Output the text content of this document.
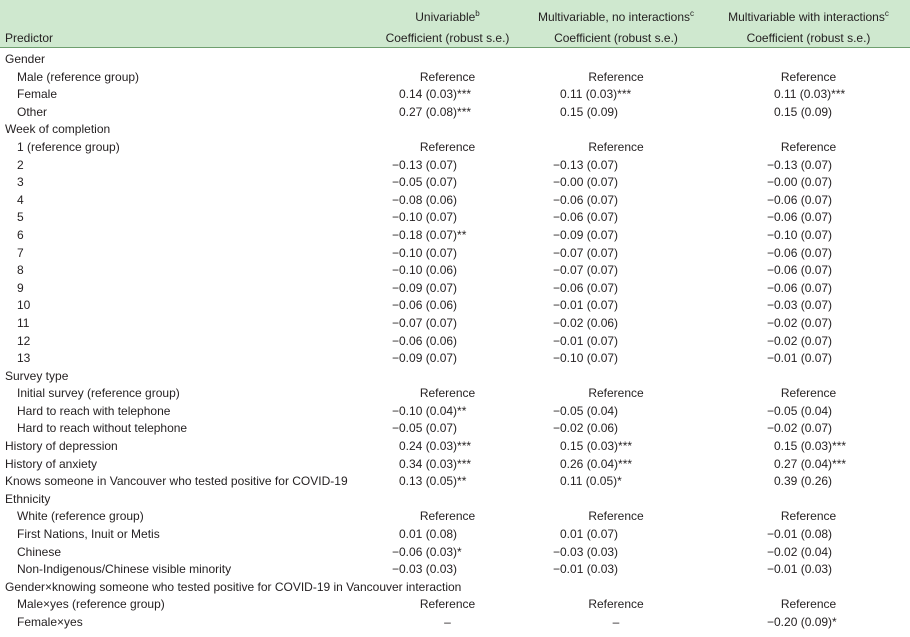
	Univariable$^b$	Multivariable, no interactions$^c$	Multivariable with interactions$^c$
Predictor	Coefficient (robust s.e.)	Coefficient (robust s.e.)	Coefficient (robust s.e.)
Gender			
Male (reference group)	Reference	Reference	Reference
Female	0.14 (0.03)***	0.11 (0.03)***	0.11 (0.03)***
Other	0.27 (0.08)***	0.15 (0.09)	0.15 (0.09)
Week of completion			
1 (reference group)	Reference	Reference	Reference
2	−0.13 (0.07)	−0.13 (0.07)	−0.13 (0.07)
3	−0.05 (0.07)	−0.00 (0.07)	−0.00 (0.07)
4	−0.08 (0.06)	−0.06 (0.07)	−0.06 (0.07)
5	−0.10 (0.07)	−0.06 (0.07)	−0.06 (0.07)
6	−0.18 (0.07)**	−0.09 (0.07)	−0.10 (0.07)
7	−0.10 (0.07)	−0.07 (0.07)	−0.06 (0.07)
8	−0.10 (0.06)	−0.07 (0.07)	−0.06 (0.07)
9	−0.09 (0.07)	−0.06 (0.07)	−0.06 (0.07)
10	−0.06 (0.06)	−0.01 (0.07)	−0.03 (0.07)
11	−0.07 (0.07)	−0.02 (0.06)	−0.02 (0.07)
12	−0.06 (0.06)	−0.01 (0.07)	−0.02 (0.07)
13	−0.09 (0.07)	−0.10 (0.07)	−0.01 (0.07)
Survey type			
Initial survey (reference group)	Reference	Reference	Reference
Hard to reach with telephone	−0.10 (0.04)**	−0.05 (0.04)	−0.05 (0.04)
Hard to reach without telephone	−0.05 (0.07)	−0.02 (0.06)	−0.02 (0.07)
History of depression	0.24 (0.03)***	0.15 (0.03)***	0.15 (0.03)***
History of anxiety	0.34 (0.03)***	0.26 (0.04)***	0.27 (0.04)***
Knows someone in Vancouver who tested positive for COVID-19	0.13 (0.05)**	0.11 (0.05)*	0.39 (0.26)
Ethnicity			
White (reference group)	Reference	Reference	Reference
First Nations, Inuit or Metis	0.01 (0.08)	0.01 (0.07)	−0.01 (0.08)
Chinese	−0.06 (0.03)*	−0.03 (0.03)	−0.02 (0.04)
Non-Indigenous/Chinese visible minority	−0.03 (0.03)	−0.01 (0.03)	−0.01 (0.03)
Gender×knowing someone who tested positive for COVID-19 in Vancouver interaction			
Male×yes (reference group)	Reference	Reference	Reference
Female×yes	–	–	−0.20 (0.09)*
